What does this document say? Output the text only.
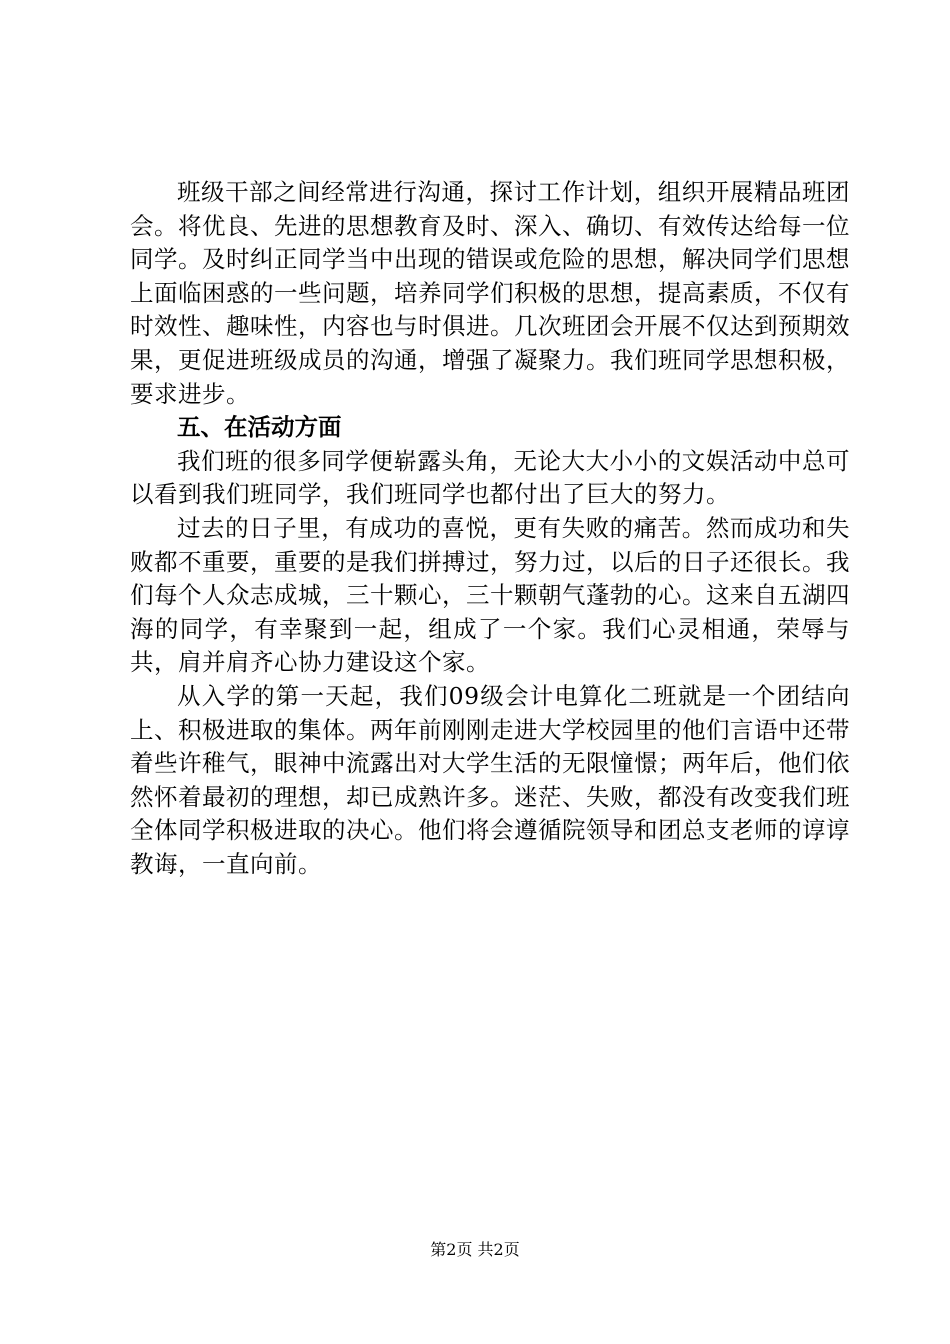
班级干部之间经常进行沟通，探讨工作计划，组织开展精品班团会。将优良、先进的思想教育及时、深入、确切、有效传达给每一位同学。及时纠正同学当中出现的错误或危险的思想，解决同学们思想上面临困惑的一些问题，培养同学们积极的思想，提高素质，不仅有时效性、趣味性，内容也与时俱进。几次班团会开展不仅达到预期效果，更促进班级成员的沟通，增强了凝聚力。我们班同学思想积极，要求进步。

五、在活动方面

我们班的很多同学便崭露头角，无论大大小小的文娱活动中总可以看到我们班同学，我们班同学也都付出了巨大的努力。

过去的日子里，有成功的喜悦，更有失败的痛苦。然而成功和失败都不重要，重要的是我们拼搏过，努力过，以后的日子还很长。我们每个人众志成城，三十颗心，三十颗朝气蓬勃的心。这来自五湖四海的同学，有幸聚到一起，组成了一个家。我们心灵相通，荣辱与共，肩并肩齐心协力建设这个家。

从入学的第一天起，我们09级会计电算化二班就是一个团结向上、积极进取的集体。两年前刚刚走进大学校园里的他们言语中还带着些许稚气，眼神中流露出对大学生活的无限憧憬；两年后，他们依然怀着最初的理想，却已成熟许多。迷茫、失败，都没有改变我们班全体同学积极进取的决心。他们将会遵循院领导和团总支老师的谆谆教诲，一直向前。

第2页 共2页
